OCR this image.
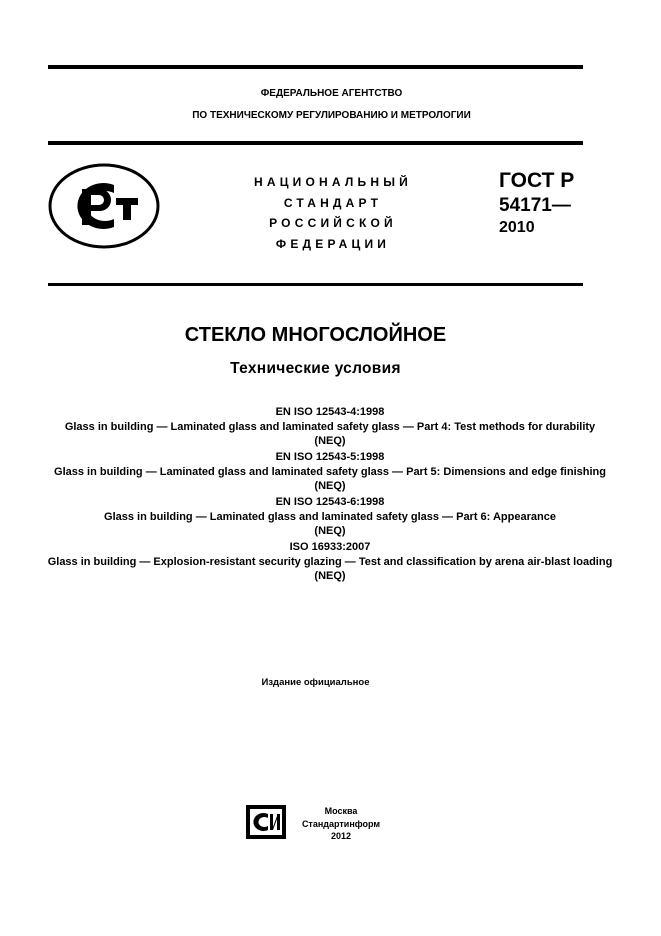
ФЕДЕРАЛЬНОЕ АГЕНТСТВО
ПО ТЕХНИЧЕСКОМУ РЕГУЛИРОВАНИЮ И МЕТРОЛОГИИ
НАЦИОНАЛЬНЫЙ
СТАНДАРТ
РОССИЙСКОЙ
ФЕДЕРАЦИИ
ГОСТ Р
54171—
2010
СТЕКЛО МНОГОСЛОЙНОЕ
Технические условия
EN ISO 12543-4:1998
Glass in building — Laminated glass and laminated safety glass — Part 4: Test methods for durability
(NEQ)
EN ISO 12543-5:1998
Glass in building — Laminated glass and laminated safety glass — Part 5: Dimensions and edge finishing
(NEQ)
EN ISO 12543-6:1998
Glass in building — Laminated glass and laminated safety glass — Part 6: Appearance
(NEQ)
ISO 16933:2007
Glass in building — Explosion-resistant security glazing — Test and classification by arena air-blast loading
(NEQ)
Издание официальное
Москва
Стандартинформ
2012
